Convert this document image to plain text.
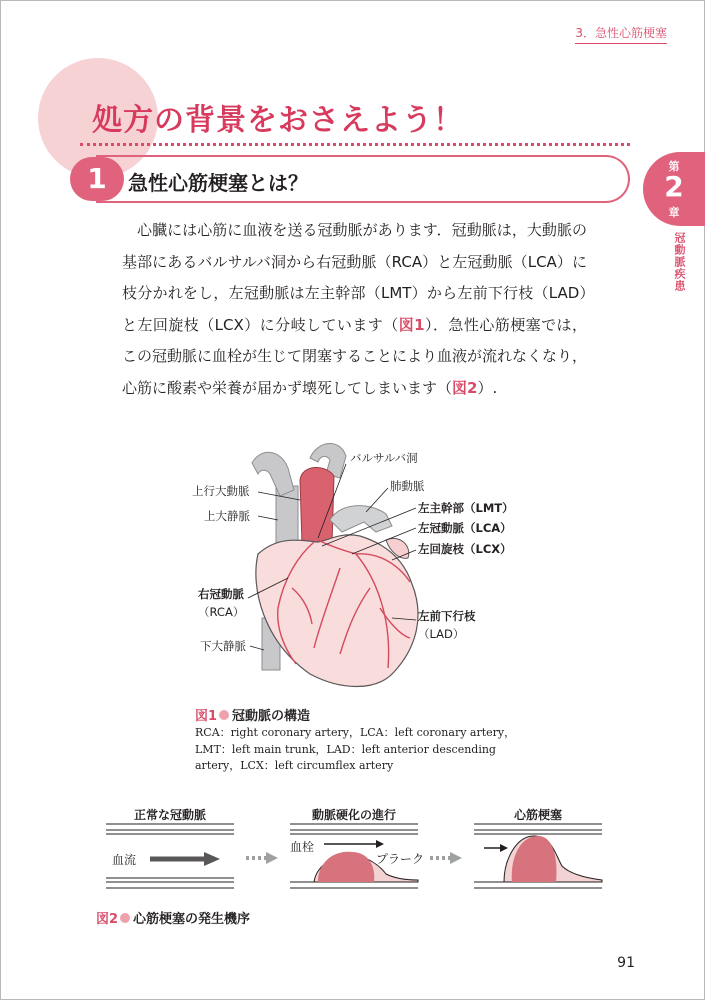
3．急性心筋梗塞
処方の背景をおさえよう！
1	急性心筋梗塞とは？
第
2
章
冠動脈疾患

　心臓には心筋に血液を送る冠動脈があります．冠動脈は，大動脈の基部にあるバルサルバ洞から右冠動脈（RCA）と左冠動脈（LCA）に枝分かれをし，左冠動脈は左主幹部（LMT）から左前下行枝（LAD）と左回旋枝（LCX）に分岐しています（図1）．急性心筋梗塞では，この冠動脈に血栓が生じて閉塞することにより血液が流れなくなり，心筋に酸素や栄養が届かず壊死してしまいます（図2）.

バルサルバ洞
上行大動脈	肺動脈
上大静脈
左主幹部（LMT）
左冠動脈（LCA）
左回旋枝（LCX）
右冠動脈
（RCA）	左前下行枝
（LAD）
下大静脈
図1 冠動脈の構造
RCA：right coronary artery，LCA：left coronary artery，LMT：left main trunk，LAD：left anterior descending artery，LCX：left circumflex artery
正常な冠動脈	動脈硬化の進行	心筋梗塞
血流
血栓
プラーク
図2 心筋梗塞の発生機序
91
